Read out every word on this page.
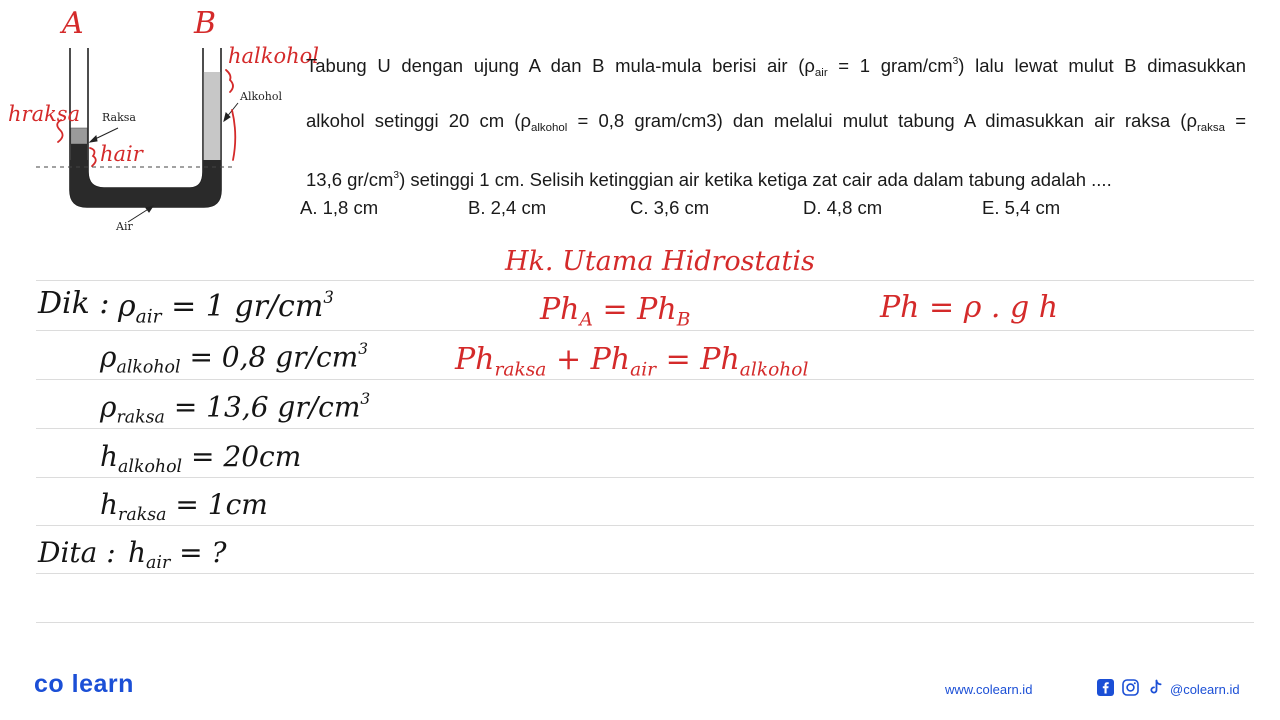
A	B
Raksa
Alkohol
Air
halkohol
hraksa
hair
Tabung U dengan ujung A dan B mula-mula berisi air ($\rho_{air} = 1$ gram/$cm^3$) lalu lewat mulut B dimasukkan
alkohol setinggi 20 cm ($\rho_{alkohol} = 0,8$ gram/cm3) dan melalui mulut tabung A dimasukkan air raksa ($\rho_{raksa}$ =
13,6 $gr/cm^3$) setinggi 1 cm. Selisih ketinggian air ketika ketiga zat cair ada dalam tabung adalah ....
A. 1,8 cm	B. 2,4 cm	C. 3,6 cm	D. 4,8 cm	E. 5,4 cm
Hk. Utama Hidrostatis
Dik : $\rho_{air} = 1$ $gr/cm^3$
$\rho_{alkohol} = 0,8$ $gr/cm^3$
$\rho_{raksa} = 13,6$ $gr/cm^3$
$h_{alkohol} = 20cm$
$h_{raksa} = 1cm$
Dita : $h_{air}$ = ?
$Ph_A = Ph_B$	Ph = ρ . g h
$Ph_{raksa} + Ph_{air} = Ph_{alkohol}$
co learn	www.colearn.id	@colearn.id
